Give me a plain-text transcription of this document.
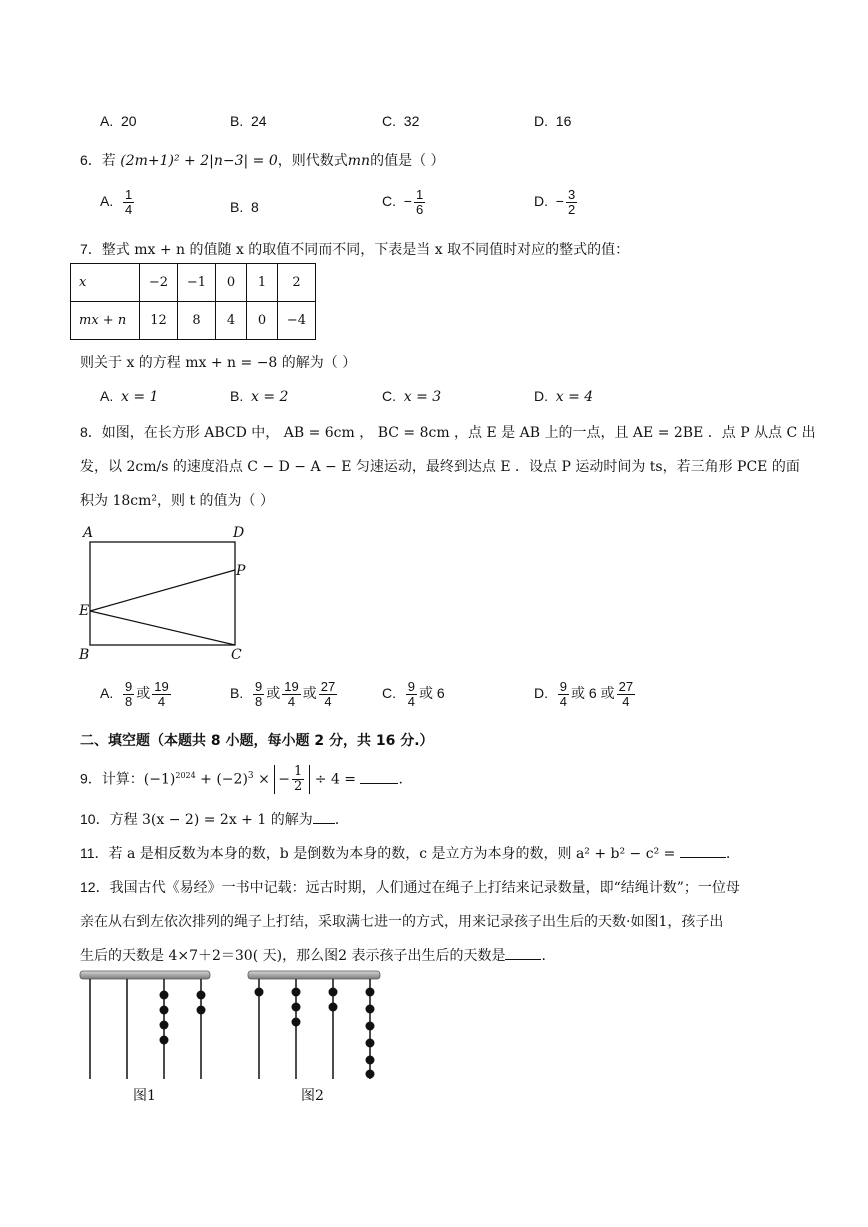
A. 20	B. 24	C. 32	D. 16
6．若 (2m+1)² + 2|n−3| = 0，则代数式mn的值是（ ）
A. $\frac{1}{4}$	B. 8	C. − $\frac{1}{6}$	D. − $\frac{3}{2}$
7．整式 mx + n 的值随 x 的取值不同而不同，下表是当 x 取不同值时对应的整式的值：
x	−2	−1	0	1	2
mx + n	12	8	4	0	−4
则关于 x 的方程 mx + n = −8 的解为（ ）
A. x = 1	B. x = 2	C. x = 3	D. x = 4
8．如图，在长方形 ABCD 中， AB = 6cm ， BC = 8cm ，点 E 是 AB 上的一点，且 AE = 2BE ．点 P 从点 C 出
发，以 2cm/s 的速度沿点 C − D − A − E 匀速运动，最终到达点 E ．设点 P 运动时间为 ts，若三角形 PCE 的面
积为 18cm²，则 t 的值为（ ）
A	D
P
E
B	C
A. $\frac{9}{8}$ 或 $\frac{19}{4}$	B. $\frac{9}{8}$ 或 $\frac{19}{4}$ 或 $\frac{27}{4}$	C. $\frac{9}{4}$ 或 6	D. $\frac{9}{4}$ 或 6 或 $\frac{27}{4}$
二、填空题（本题共 8 小题，每小题 2 分，共 16 分.）
9．计算：$(-1)^{2024} + (-2)^3$ × − $\frac{1}{2} \div 4$ =	.
10．方程 3(x − 2) = 2x + 1 的解为 .
11．若 a 是相反数为本身的数，b 是倒数为本身的数，c 是立方为本身的数，则 a² + b² − c² =	.
12．我国古代《易经》一书中记载：远古时期，人们通过在绳子上打结来记录数量，即“结绳计数”；一位母
亲在从右到左依次排列的绳子上打结，采取满七进一的方式，用来记录孩子出生后的天数·如图1，孩子出
生后的天数是 4×7＋2＝30( 天)，那么图2 表示孩子出生后的天数是	.
图1	图2
